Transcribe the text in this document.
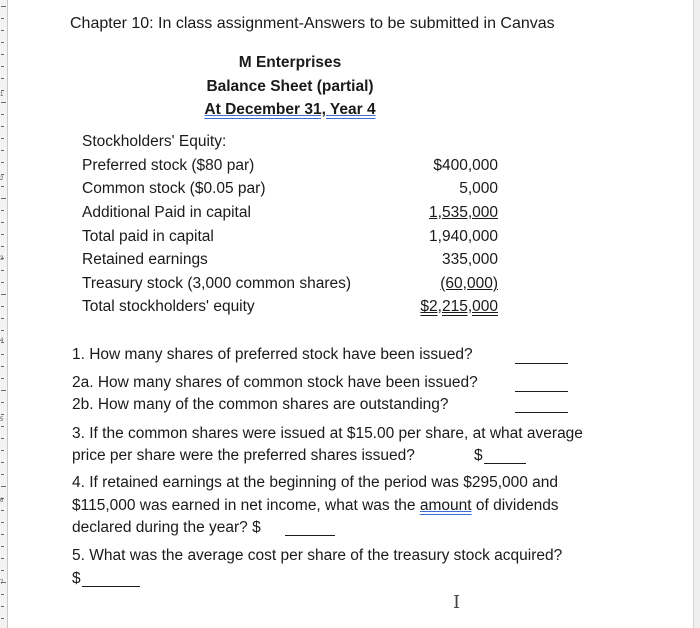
1
2
3
4
5
6
7
Chapter 10: In class assignment-Answers to be submitted in Canvas
M Enterprises
Balance Sheet (partial)
At December 31, Year 4
Stockholders' Equity:
Preferred stock ($80 par)	$400,000
Common stock ($0.05 par)	5,000
Additional Paid in capital	1,535,000
Total paid in capital	1,940,000
Retained earnings	335,000
Treasury stock (3,000 common shares)	(60,000)
Total stockholders' equity	$2,215,000
1. How many shares of preferred stock have been issued?
2a. How many shares of common stock have been issued?
2b. How many of the common shares are outstanding?
3. If the common shares were issued at $15.00 per share, at what average
price per share were the preferred shares issued?	$
4. If retained earnings at the beginning of the period was $295,000 and
$115,000 was earned in net income, what was the amount of dividends
declared during the year? $
5. What was the average cost per share of the treasury stock acquired?
$
I
